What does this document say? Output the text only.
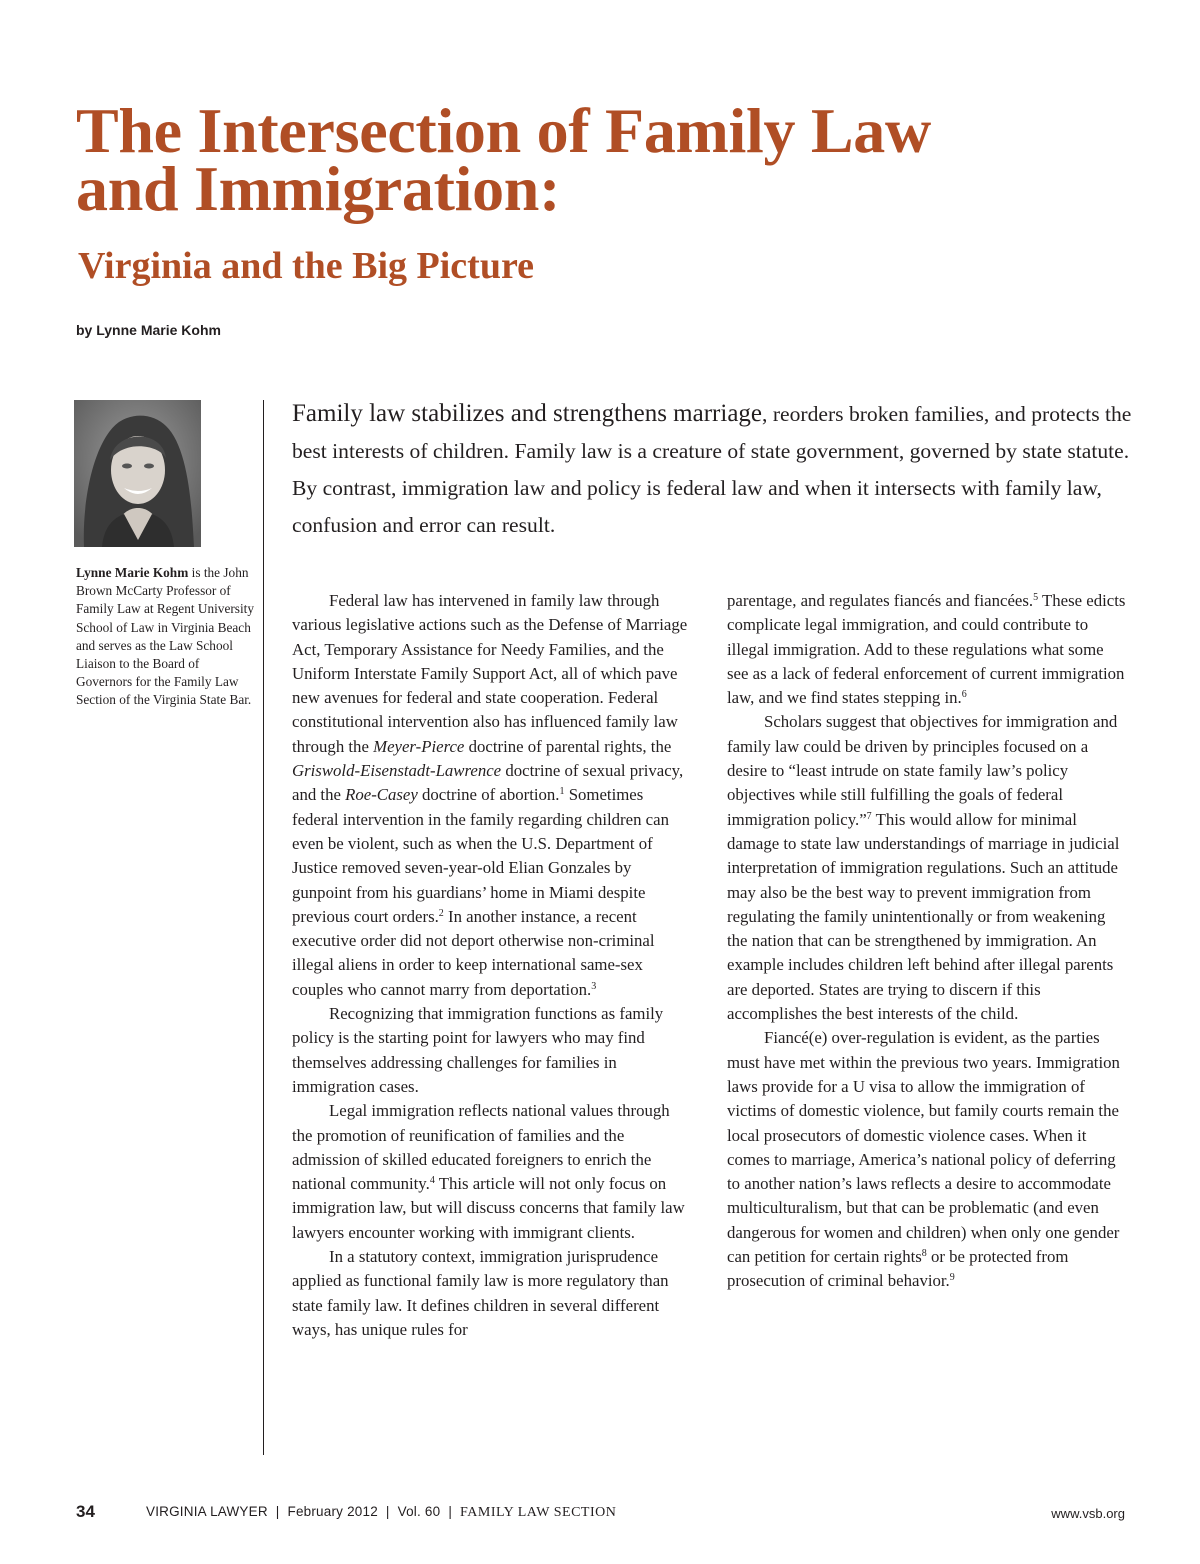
The Intersection of Family Law
and Immigration:
Virginia and the Big Picture
by Lynne Marie Kohm
Lynne Marie Kohm is the John Brown McCarty Professor of Family Law at Regent University School of Law in Virginia Beach and serves as the Law School Liaison to the Board of Governors for the Family Law Section of the Virginia State Bar.
Family law stabilizes and strengthens marriage, reorders broken families, and protects the best interests of children. Family law is a creature of state government, governed by state statute. By contrast, immigration law and policy is federal law and when it intersects with family law, confusion and error can result.

Federal law has intervened in family law through various legislative actions such as the Defense of Marriage Act, Temporary Assistance for Needy Families, and the Uniform Interstate Family Support Act, all of which pave new avenues for federal and state cooperation. Federal constitutional intervention also has influenced family law through the Meyer-Pierce doctrine of parental rights, the Griswold-Eisenstadt-Lawrence doctrine of sexual privacy, and the Roe-Casey doctrine of abortion.$^1$ Sometimes federal intervention in the family regarding children can even be violent, such as when the U.S. Department of Justice removed seven-year-old Elian Gonzales by gunpoint from his guardians’ home in Miami despite previous court orders.$^2$ In another instance, a recent executive order did not deport otherwise non-criminal illegal aliens in order to keep international same-sex couples who cannot marry from deportation.$^3$

Recognizing that immigration functions as family policy is the starting point for lawyers who may find themselves addressing challenges for families in immigration cases.

Legal immigration reflects national values through the promotion of reunification of families and the admission of skilled educated foreigners to enrich the national community.$^4$ This article will not only focus on immigration law, but will discuss concerns that family law lawyers encounter working with immigrant clients.

In a statutory context, immigration jurisprudence applied as functional family law is more regulatory than state family law. It defines children in several different ways, has unique rules for

parentage, and regulates fiancés and fiancées.$^5$ These edicts complicate legal immigration, and could contribute to illegal immigration. Add to these regulations what some see as a lack of federal enforcement of current immigration law, and we find states stepping in.$^6$

Scholars suggest that objectives for immigration and family law could be driven by principles focused on a desire to “least intrude on state family law’s policy objectives while still fulfilling the goals of federal immigration policy.”$^7$ This would allow for minimal damage to state law understandings of marriage in judicial interpretation of immigration regulations. Such an attitude may also be the best way to prevent immigration from regulating the family unintentionally or from weakening the nation that can be strengthened by immigration. An example includes children left behind after illegal parents are deported. States are trying to discern if this accomplishes the best interests of the child.

Fiancé(e) over-regulation is evident, as the parties must have met within the previous two years. Immigration laws provide for a U visa to allow the immigration of victims of domestic violence, but family courts remain the local prosecutors of domestic violence cases. When it comes to marriage, America’s national policy of deferring to another nation’s laws reflects a desire to accommodate multiculturalism, but that can be problematic (and even dangerous for women and children) when only one gender can petition for certain rights$^8$ or be protected from prosecution of criminal behavior.$^9$

34	VIRGINIA LAWYER | February 2012 | Vol. 60 | FAMILY LAW SECTION	www.vsb.org
